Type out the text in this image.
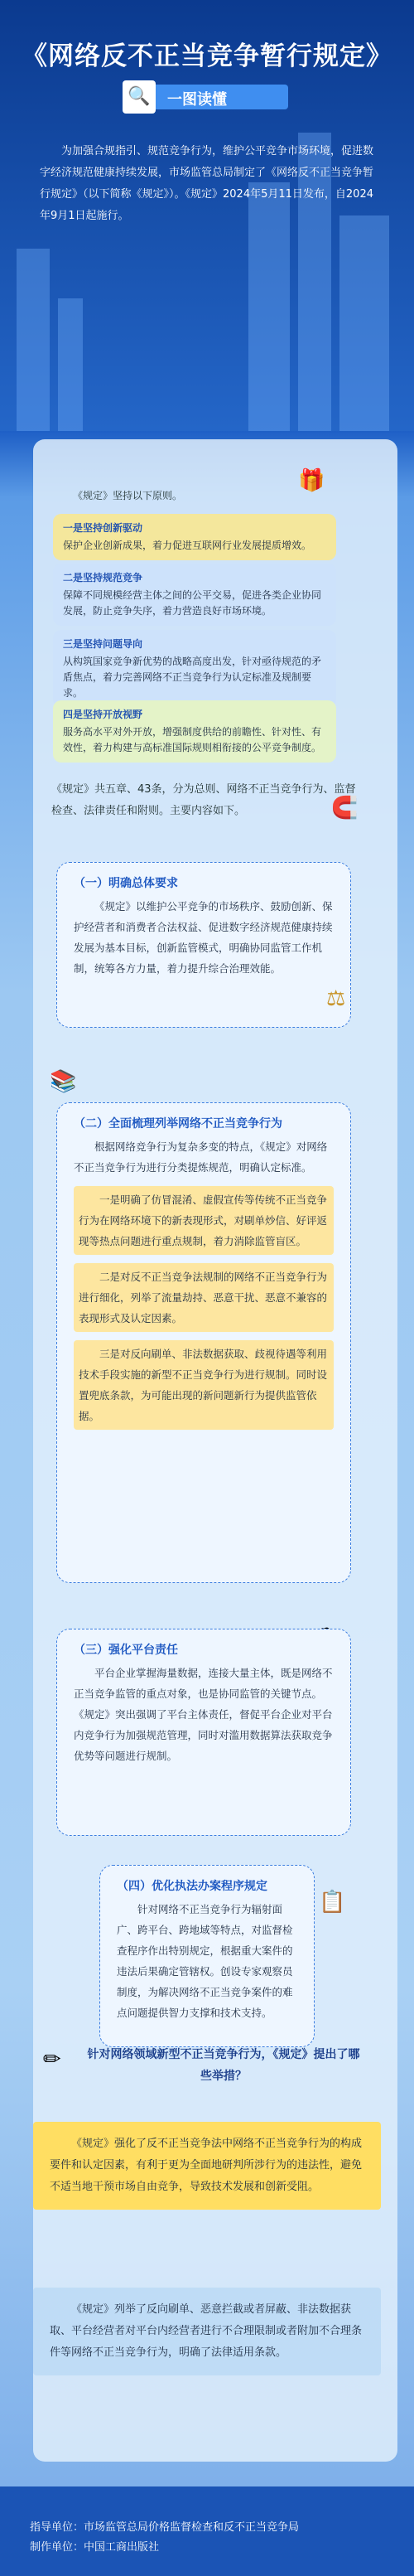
《网络反不正当竞争暂行规定》
🔍	一图读懂

为加强合规指引、规范竞争行为，维护公平竞争市场环境，促进数字经济规范健康持续发展，市场监管总局制定了《网络反不正当竞争暂行规定》（以下简称《规定》）。《规定》2024年5月11日发布，自2024年9月1日起施行。

🎁
《规定》坚持以下原则。
一是坚持创新驱动

保护企业创新成果，着力促进互联网行业发展提质增效。

二是坚持规范竞争

保障不同规模经营主体之间的公平交易，促进各类企业协同发展，防止竞争失序，着力营造良好市场环境。

三是坚持问题导向

从构筑国家竞争新优势的战略高度出发，针对亟待规范的矛盾焦点，着力完善网络不正当竞争行为认定标准及规制要求。

四是坚持开放视野

服务高水平对外开放，增强制度供给的前瞻性、针对性、有效性，着力构建与高标准国际规则相衔接的公平竞争制度。

《规定》共五章、43条，分为总则、网络不正当竞争行为、监督检查、法律责任和附则。主要内容如下。	🧲
（一）明确总体要求

《规定》以维护公平竞争的市场秩序、鼓励创新、保护经营者和消费者合法权益、促进数字经济规范健康持续发展为基本目标，创新监管模式，明确协同监管工作机制，统筹各方力量，着力提升综合治理效能。

⚖
📚
（二）全面梳理列举网络不正当竞争行为

根据网络竞争行为复杂多变的特点，《规定》对网络不正当竞争行为进行分类提炼规范，明确认定标准。

一是明确了仿冒混淆、虚假宣传等传统不正当竞争行为在网络环境下的新表现形式，对刷单炒信、好评返现等热点问题进行重点规制，着力消除监管盲区。

二是对反不正当竞争法规制的网络不正当竞争行为进行细化，列举了流量劫持、恶意干扰、恶意不兼容的表现形式及认定因素。

三是对反向刷单、非法数据获取、歧视待遇等利用技术手段实施的新型不正当竞争行为进行规制。同时设置兜底条款，为可能出现的新问题新行为提供监管依据。

（三）强化平台责任

平台企业掌握海量数据，连接大量主体，既是网络不正当竞争监管的重点对象，也是协同监管的关键节点。《规定》突出强调了平台主体责任，督促平台企业对平台内竞争行为加强规范管理，同时对滥用数据算法获取竞争优势等问题进行规制。

（四）优化执法办案程序规定

针对网络不正当竞争行为辐射面广、跨平台、跨地域等特点，对监督检查程序作出特别规定，根据重大案件的违法后果确定管辖权。创设专家观察员制度，为解决网络不正当竞争案件的难点问题提供智力支撑和技术支持。

📋
针对网络领域新型不正当竞争行为，《规定》提出了哪些举措？
✏

《规定》强化了反不正当竞争法中网络不正当竞争行为的构成要件和认定因素，有利于更为全面地研判所涉行为的违法性，避免不适当地干预市场自由竞争，导致技术发展和创新受阻。

《规定》列举了反向刷单、恶意拦截或者屏蔽、非法数据获取、平台经营者对平台内经营者进行不合理限制或者附加不合理条件等网络不正当竞争行为，明确了法律适用条款。

指导单位：市场监管总局价格监督检查和反不正当竞争局
制作单位：中国工商出版社
